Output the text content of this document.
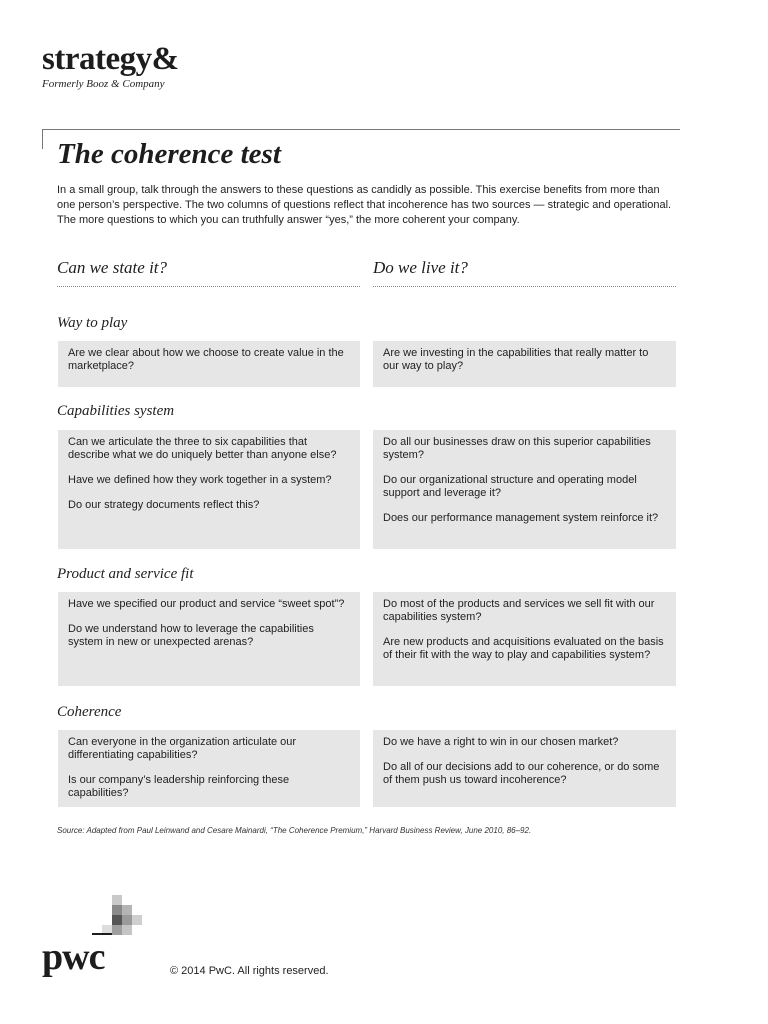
strategy&
Formerly Booz & Company
The coherence test
In a small group, talk through the answers to these questions as candidly as possible. This exercise benefits from more than one person’s perspective. The two columns of questions reflect that incoherence has two sources — strategic and operational. The more questions to which you can truthfully answer “yes,” the more coherent your company.
Can we state it?	Do we live it?
Way to play

Are we clear about how we choose to create value in the marketplace?

Are we investing in the capabilities that really matter to our way to play?

Capabilities system

Can we articulate the three to six capabilities that describe what we do uniquely better than anyone else?

Have we defined how they work together in a system?

Do our strategy documents reflect this?

Do all our businesses draw on this superior capabilities system?

Do our organizational structure and operating model support and leverage it?

Does our performance management system reinforce it?

Product and service fit

Have we specified our product and service “sweet spot”?

Do we understand how to leverage the capabilities system in new or unexpected arenas?

Do most of the products and services we sell fit with our capabilities system?

Are new products and acquisitions evaluated on the basis of their fit with the way to play and capabilities system?

Coherence

Can everyone in the organization articulate our differentiating capabilities?

Is our company’s leadership reinforcing these capabilities?

Do we have a right to win in our chosen market?

Do all of our decisions add to our coherence, or do some of them push us toward incoherence?

Source: Adapted from Paul Leinwand and Cesare Mainardi, “The Coherence Premium,” Harvard Business Review, June 2010, 86–92.
pwc	© 2014 PwC. All rights reserved.
